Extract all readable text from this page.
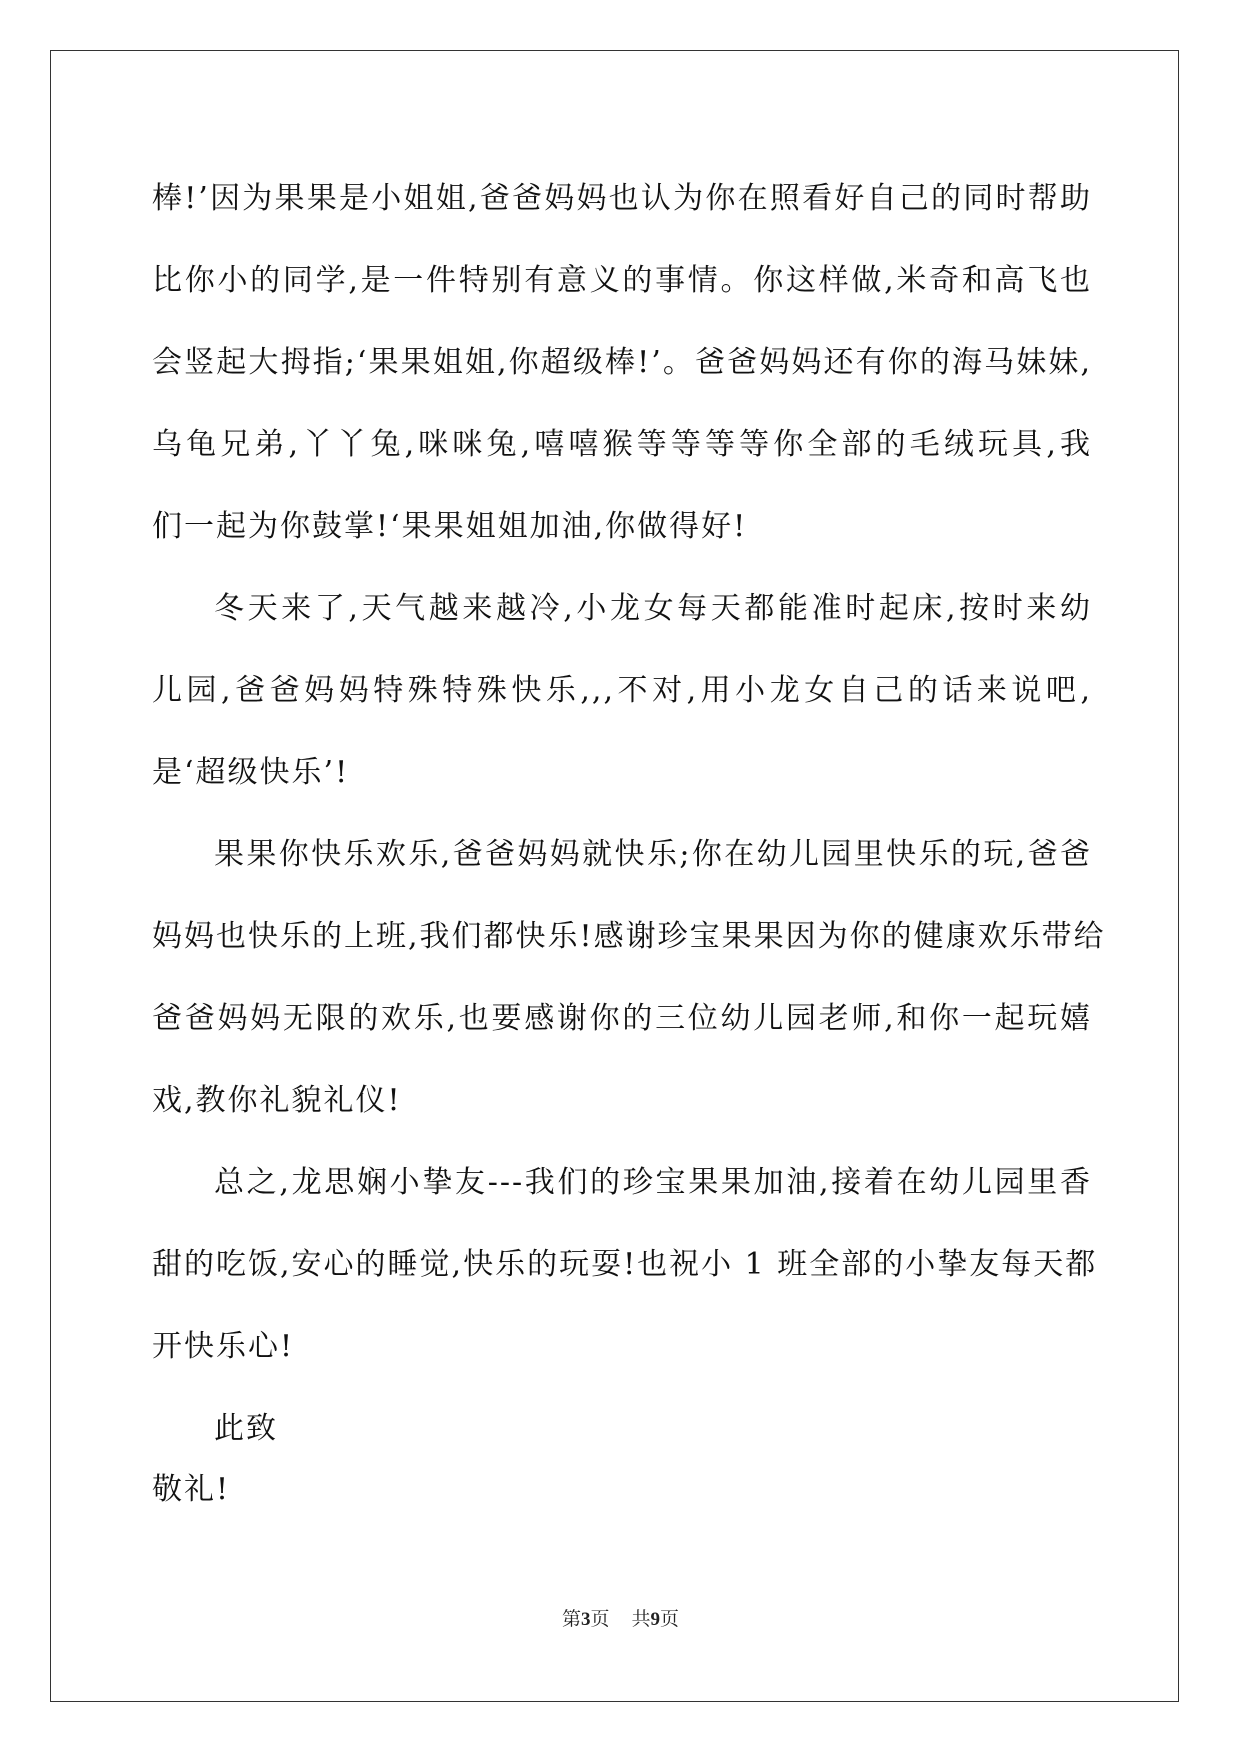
棒!’因为果果是小姐姐,爸爸妈妈也认为你在照看好自己的同时帮助
比你小的同学,是一件特别有意义的事情。你这样做,米奇和高飞也
会竖起大拇指;‘果果姐姐,你超级棒!’。爸爸妈妈还有你的海马妹妹,
乌龟兄弟,丫丫兔,咪咪兔,嘻嘻猴等等等等你全部的毛绒玩具,我
们一起为你鼓掌!‘果果姐姐加油,你做得好!
冬天来了,天气越来越冷,小龙女每天都能准时起床,按时来幼
儿园,爸爸妈妈特殊特殊快乐,,,不对,用小龙女自己的话来说吧,
是‘超级快乐’!
果果你快乐欢乐,爸爸妈妈就快乐;你在幼儿园里快乐的玩,爸爸
妈妈也快乐的上班,我们都快乐!感谢珍宝果果因为你的健康欢乐带给
爸爸妈妈无限的欢乐,也要感谢你的三位幼儿园老师,和你一起玩嬉
戏,教你礼貌礼仪!
总之,龙思娴小挚友---我们的珍宝果果加油,接着在幼儿园里香
甜的吃饭,安心的睡觉,快乐的玩耍!也祝小 1 班全部的小挚友每天都
开快乐心!
此致
敬礼!
第3页 共9页
